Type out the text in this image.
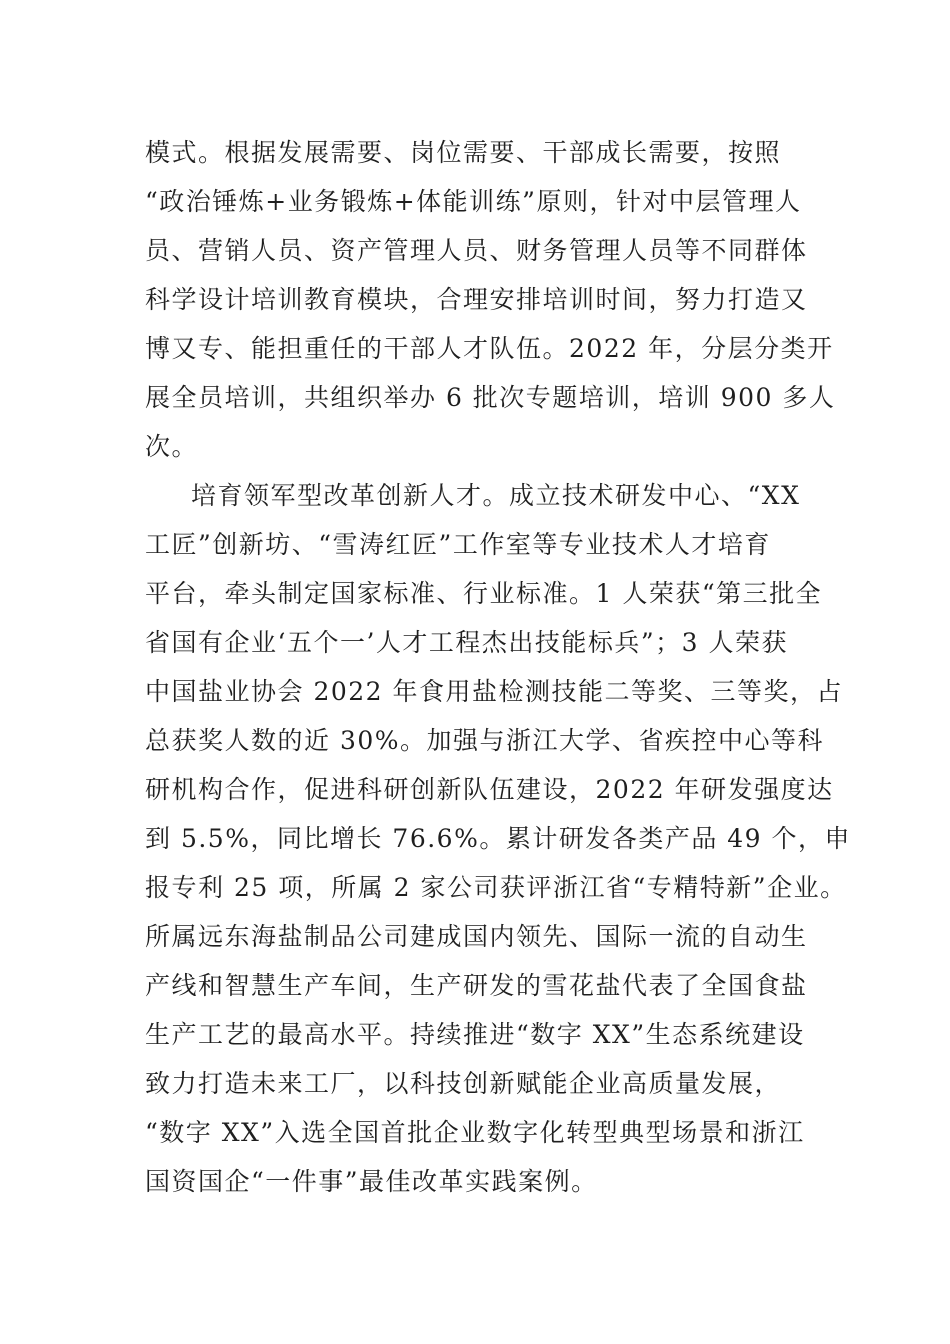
模式。根据发展需要、岗位需要、干部成长需要，按照
“政治锤炼+业务锻炼+体能训练”原则，针对中层管理人
员、营销人员、资产管理人员、财务管理人员等不同群体
科学设计培训教育模块，合理安排培训时间，努力打造又
博又专、能担重任的干部人才队伍。2022 年，分层分类开
展全员培训，共组织举办 6 批次专题培训，培训 900 多人
次。
培育领军型改革创新人才。成立技术研发中心、“XX
工匠”创新坊、“雪涛红匠”工作室等专业技术人才培育
平台，牵头制定国家标准、行业标准。1 人荣获“第三批全
省国有企业‘五个一’人才工程杰出技能标兵”；3 人荣获
中国盐业协会 2022 年食用盐检测技能二等奖、三等奖，占
总获奖人数的近 30%。加强与浙江大学、省疾控中心等科
研机构合作，促进科研创新队伍建设，2022 年研发强度达
到 5.5%，同比增长 76.6%。累计研发各类产品 49 个，申
报专利 25 项，所属 2 家公司获评浙江省“专精特新”企业。
所属远东海盐制品公司建成国内领先、国际一流的自动生
产线和智慧生产车间，生产研发的雪花盐代表了全国食盐
生产工艺的最高水平。持续推进“数字 XX”生态系统建设
致力打造未来工厂，以科技创新赋能企业高质量发展，
“数字 XX”入选全国首批企业数字化转型典型场景和浙江
国资国企“一件事”最佳改革实践案例。
